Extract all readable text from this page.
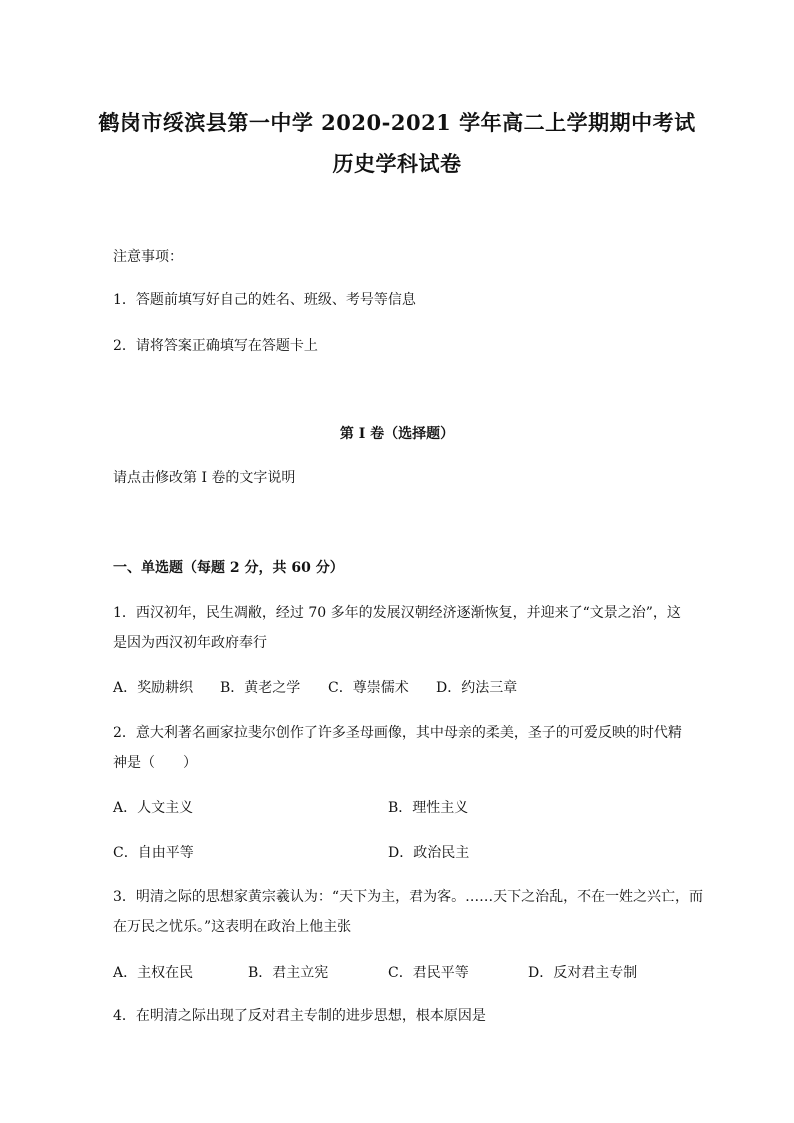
鹤岗市绥滨县第一中学 2020-2021 学年高二上学期期中考试
历史学科试卷
注意事项：
1．答题前填写好自己的姓名、班级、考号等信息
2．请将答案正确填写在答题卡上
第 I 卷（选择题）
请点击修改第 I 卷的文字说明
一、单选题（每题 2 分，共 60 分）
1．西汉初年，民生凋敝，经过 70 多年的发展汉朝经济逐渐恢复，并迎来了“文景之治”，这
是因为西汉初年政府奉行
A．奖励耕织 B．黄老之学 C．尊崇儒术 D．约法三章
2．意大利著名画家拉斐尔创作了许多圣母画像，其中母亲的柔美，圣子的可爱反映的时代精
神是（　　）
A．人文主义	B．理性主义
C．自由平等	D．政治民主
3．明清之际的思想家黄宗羲认为：“天下为主，君为客。……天下之治乱，不在一姓之兴亡，而
在万民之忧乐。”这表明在政治上他主张
A．主权在民	B．君主立宪	C．君民平等	D．反对君主专制
4．在明清之际出现了反对君主专制的进步思想，根本原因是
